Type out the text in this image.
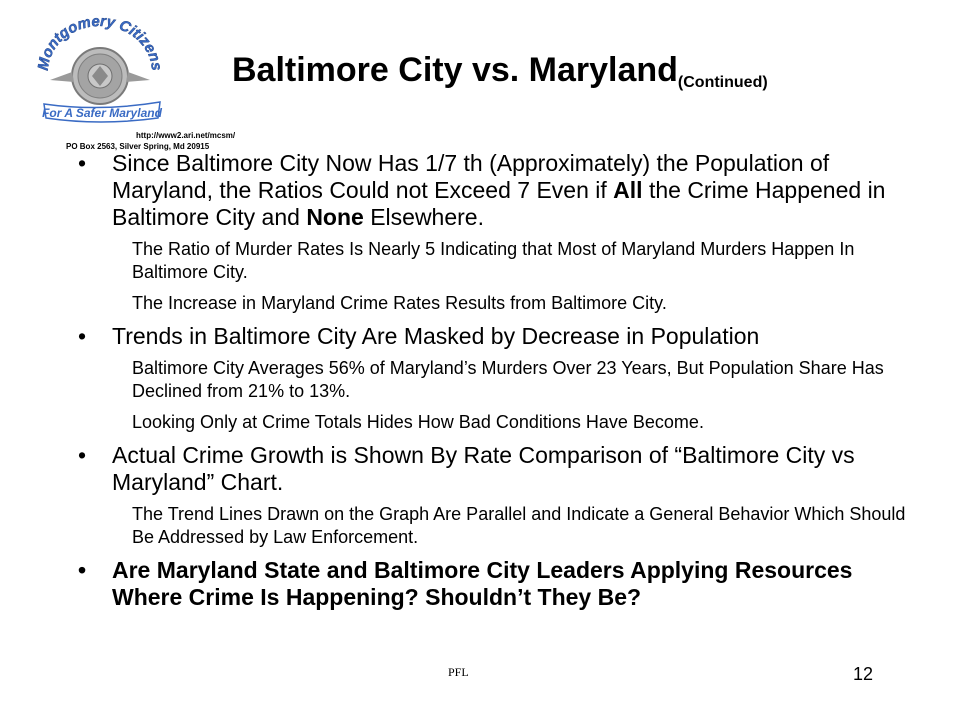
Montgomery Citizens
For A Safer Maryland
http://www2.ari.net/mcsm/
PO Box 2563, Silver Spring, Md 20915
Baltimore City vs. Maryland(Continued)
• Since Baltimore City Now Has 1/7 th (Approximately) the Population of Maryland, the Ratios Could not Exceed 7 Even if All the Crime Happened in Baltimore City and None Elsewhere.
The Ratio of Murder Rates Is Nearly 5 Indicating that Most of Maryland Murders Happen In Baltimore City.
The Increase in Maryland Crime Rates Results from Baltimore City.
• Trends in Baltimore City Are Masked by Decrease in Population
Baltimore City Averages 56% of Maryland’s Murders Over 23 Years, But Population Share Has Declined from 21% to 13%.
Looking Only at Crime Totals Hides How Bad Conditions Have Become.
• Actual Crime Growth is Shown By Rate Comparison of “Baltimore City vs Maryland” Chart.
The Trend Lines Drawn on the Graph Are Parallel and Indicate a General Behavior Which Should Be Addressed by Law Enforcement.
• Are Maryland State and Baltimore City Leaders Applying Resources Where Crime Is Happening? Shouldn’t They Be?
PFL	12
